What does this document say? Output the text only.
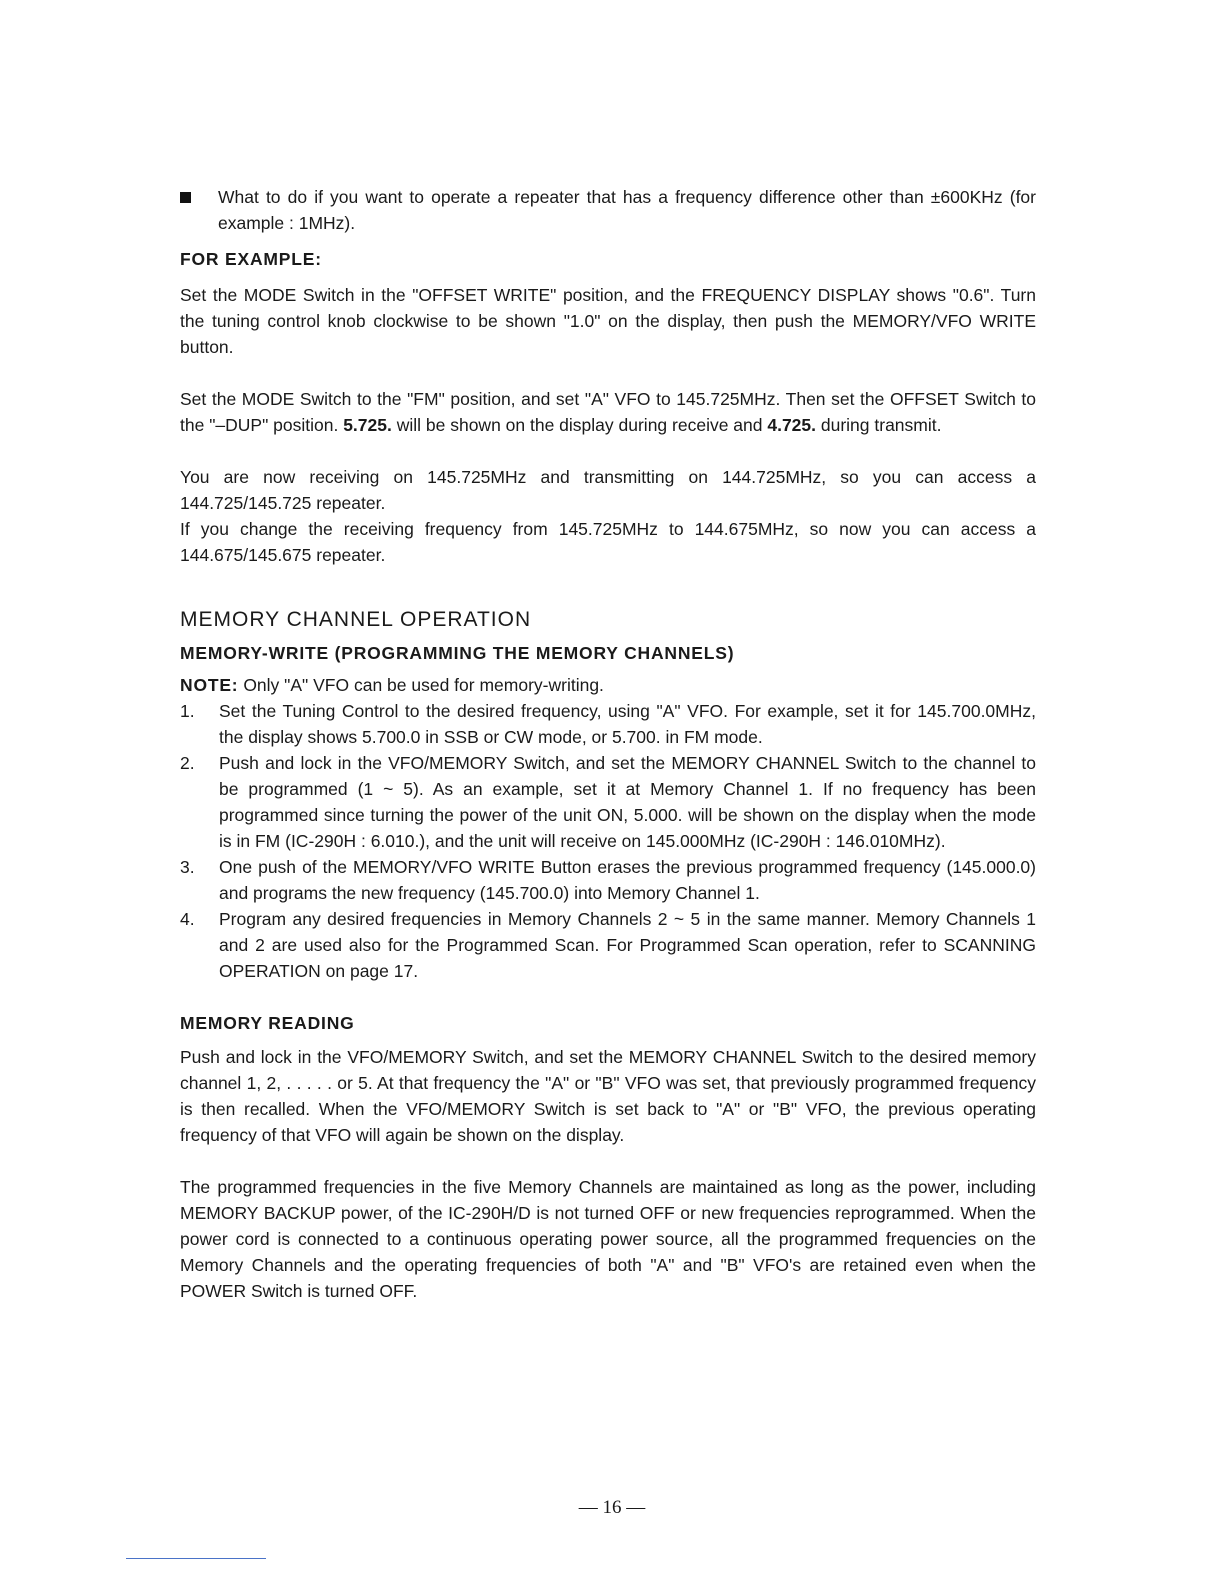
What to do if you want to operate a repeater that has a frequency difference other than ±600KHz (for example : 1MHz).

FOR EXAMPLE:

Set the MODE Switch in the "OFFSET WRITE" position, and the FREQUENCY DISPLAY shows "0.6". Turn the tuning control knob clockwise to be shown "1.0" on the display, then push the MEMORY/VFO WRITE button.

Set the MODE Switch to the "FM" position, and set "A" VFO to 145.725MHz. Then set the OFFSET Switch to the "–DUP" position. 5.725. will be shown on the display during receive and 4.725. during transmit.

You are now receiving on 145.725MHz and transmitting on 144.725MHz, so you can access a 144.725/145.725 repeater.

If you change the receiving frequency from 145.725MHz to 144.675MHz, so now you can access a 144.675/145.675 repeater.

MEMORY CHANNEL OPERATION
MEMORY-WRITE (PROGRAMMING THE MEMORY CHANNELS)

NOTE: Only "A" VFO can be used for memory-writing.

1. Set the Tuning Control to the desired frequency, using "A" VFO. For example, set it for 145.700.0MHz, the display shows 5.700.0 in SSB or CW mode, or 5.700. in FM mode.
2. Push and lock in the VFO/MEMORY Switch, and set the MEMORY CHANNEL Switch to the channel to be programmed (1 ~ 5). As an example, set it at Memory Channel 1. If no frequency has been programmed since turning the power of the unit ON, 5.000. will be shown on the display when the mode is in FM (IC-290H : 6.010.), and the unit will receive on 145.000MHz (IC-290H : 146.010MHz).
3. One push of the MEMORY/VFO WRITE Button erases the previous programmed frequency (145.000.0) and programs the new frequency (145.700.0) into Memory Channel 1.
4. Program any desired frequencies in Memory Channels 2 ~ 5 in the same manner. Memory Channels 1 and 2 are used also for the Programmed Scan. For Programmed Scan operation, refer to SCANNING OPERATION on page 17.
MEMORY READING

Push and lock in the VFO/MEMORY Switch, and set the MEMORY CHANNEL Switch to the desired memory channel 1, 2, . . . . . or 5. At that frequency the "A" or "B" VFO was set, that previously programmed frequency is then recalled. When the VFO/MEMORY Switch is set back to "A" or "B" VFO, the previous operating frequency of that VFO will again be shown on the display.

The programmed frequencies in the five Memory Channels are maintained as long as the power, including MEMORY BACKUP power, of the IC-290H/D is not turned OFF or new frequencies reprogrammed. When the power cord is connected to a continuous operating power source, all the programmed frequencies on the Memory Channels and the operating frequencies of both "A" and "B" VFO's are retained even when the POWER Switch is turned OFF.

— 16 —
